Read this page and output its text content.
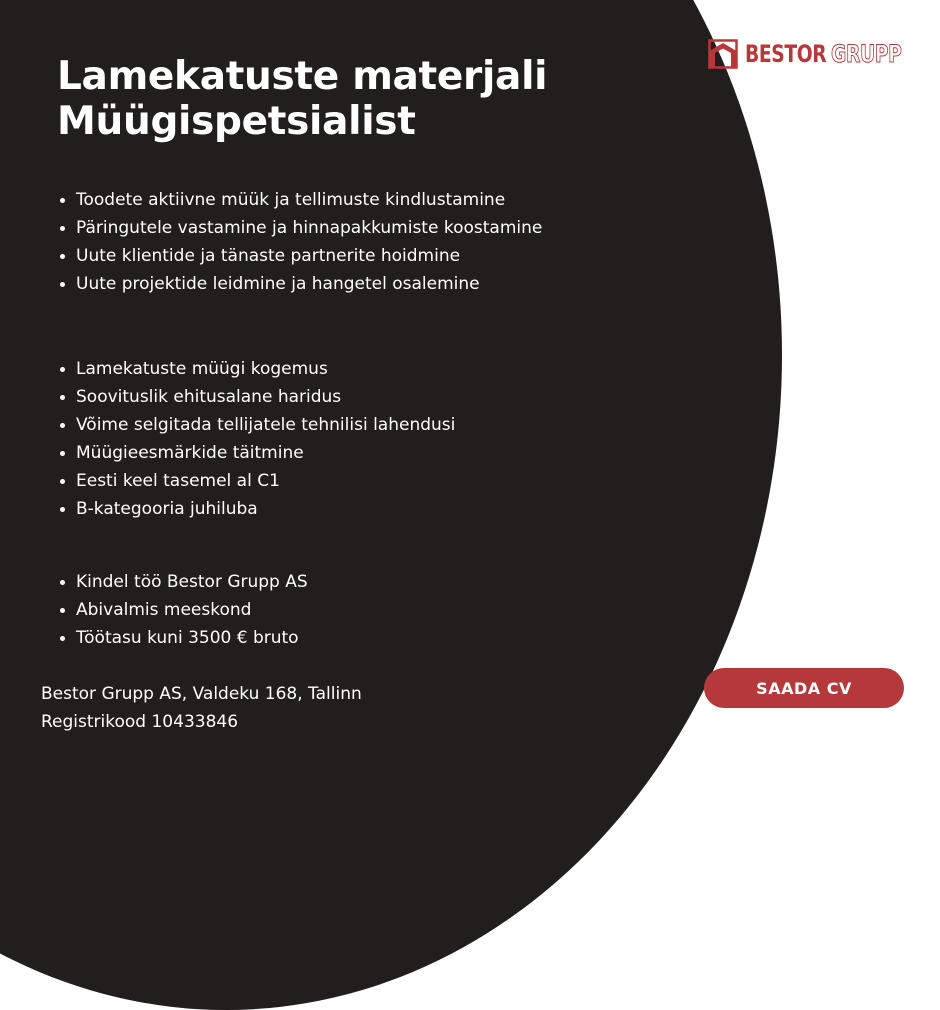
BESTOR GRUPP
Lamekatuste materjali
Müügispetsialist
Toodete aktiivne müük ja tellimuste kindlustamine
Päringutele vastamine ja hinnapakkumiste koostamine
Uute klientide ja tänaste partnerite hoidmine
Uute projektide leidmine ja hangetel osalemine
Lamekatuste müügi kogemus
Soovituslik ehitusalane haridus
Võime selgitada tellijatele tehnilisi lahendusi
Müügieesmärkide täitmine
Eesti keel tasemel al C1
B-kategooria juhiluba
Kindel töö Bestor Grupp AS
Abivalmis meeskond
Töötasu kuni 3500 € bruto
Bestor Grupp AS, Valdeku 168, Tallinn
Registrikood 10433846
SAADA CV
